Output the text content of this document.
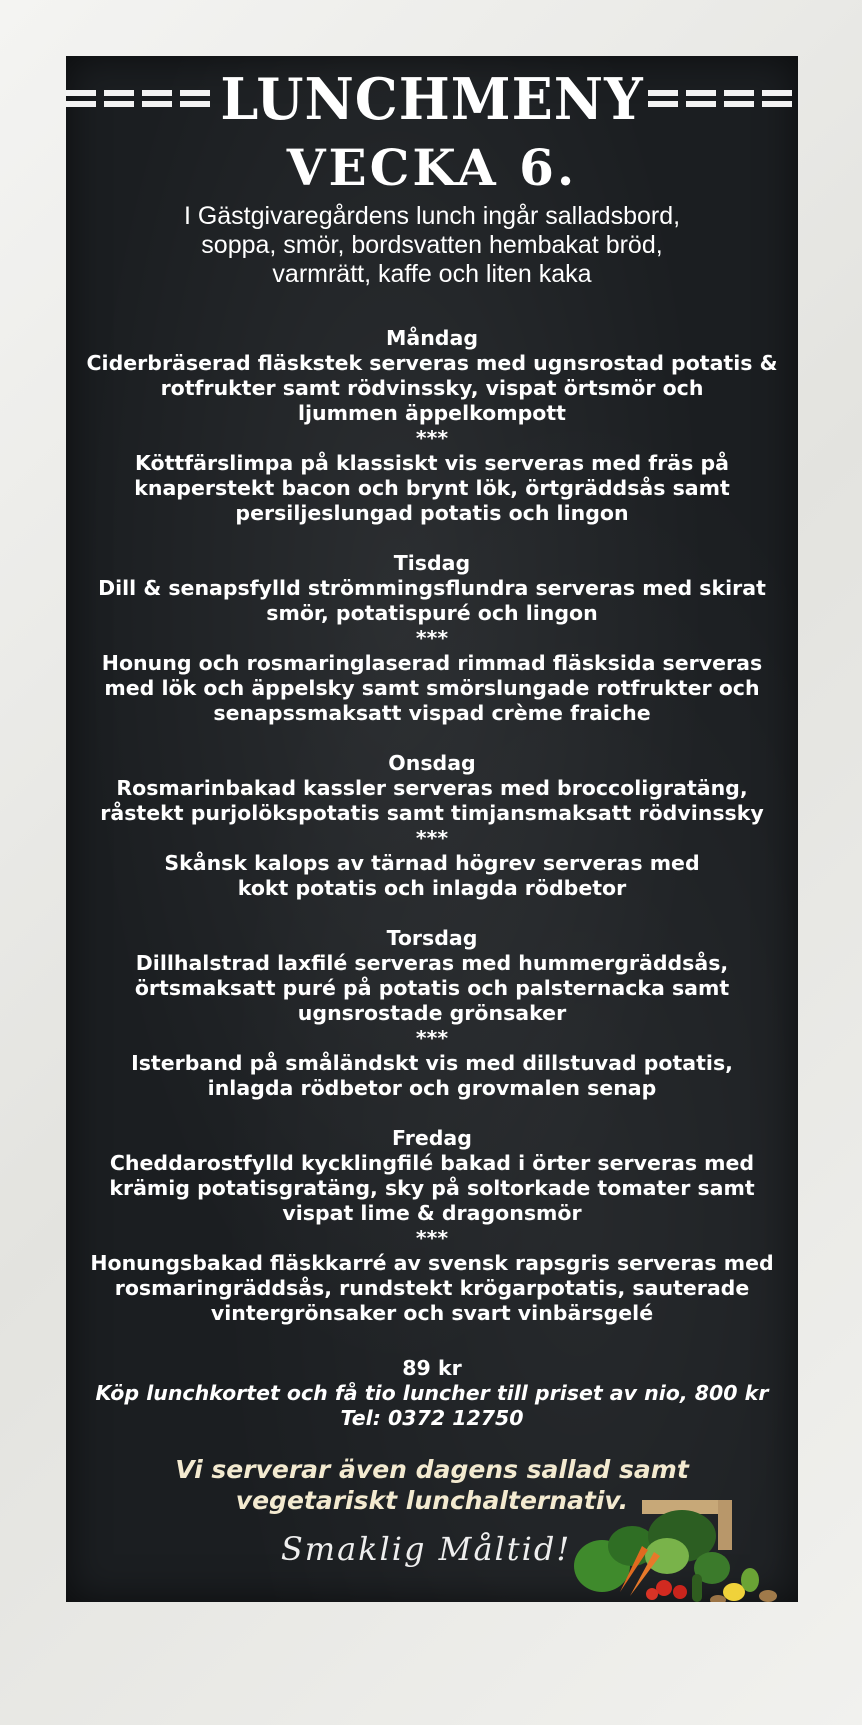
LUNCHMENY
VECKA 6.
I Gästgivaregårdens lunch ingår salladsbord,
soppa, smör, bordsvatten hembakat bröd,
varmrätt, kaffe och liten kaka
Måndag
Ciderbräserad fläskstek serveras med ugnsrostad potatis &
rotfrukter samt rödvinssky, vispat örtsmör och
ljummen äppelkompott
***
Köttfärslimpa på klassiskt vis serveras med fräs på
knaperstekt bacon och brynt lök, örtgräddsås samt
persiljeslungad potatis och lingon
Tisdag
Dill & senapsfylld strömmingsflundra serveras med skirat
smör, potatispuré och lingon
***
Honung och rosmaringlaserad rimmad fläsksida serveras
med lök och äppelsky samt smörslungade rotfrukter och
senapssmaksatt vispad crème fraiche
Onsdag
Rosmarinbakad kassler serveras med broccoligratäng,
råstekt purjolökspotatis samt timjansmaksatt rödvinssky
***
Skånsk kalops av tärnad högrev serveras med
kokt potatis och inlagda rödbetor
Torsdag
Dillhalstrad laxfilé serveras med hummergräddsås,
örtsmaksatt puré på potatis och palsternacka samt
ugnsrostade grönsaker
***
Isterband på småländskt vis med dillstuvad potatis,
inlagda rödbetor och grovmalen senap
Fredag
Cheddarostfylld kycklingfilé bakad i örter serveras med
krämig potatisgratäng, sky på soltorkade tomater samt
vispat lime & dragonsmör
***
Honungsbakad fläskkarré av svensk rapsgris serveras med
rosmaringräddsås, rundstekt krögarpotatis, sauterade
vintergrönsaker och svart vinbärsgelé
89 kr
Köp lunchkortet och få tio luncher till priset av nio, 800 kr
Tel: 0372 12750
Vi serverar även dagens sallad samt
vegetariskt lunchalternativ.
Smaklig Måltid!
